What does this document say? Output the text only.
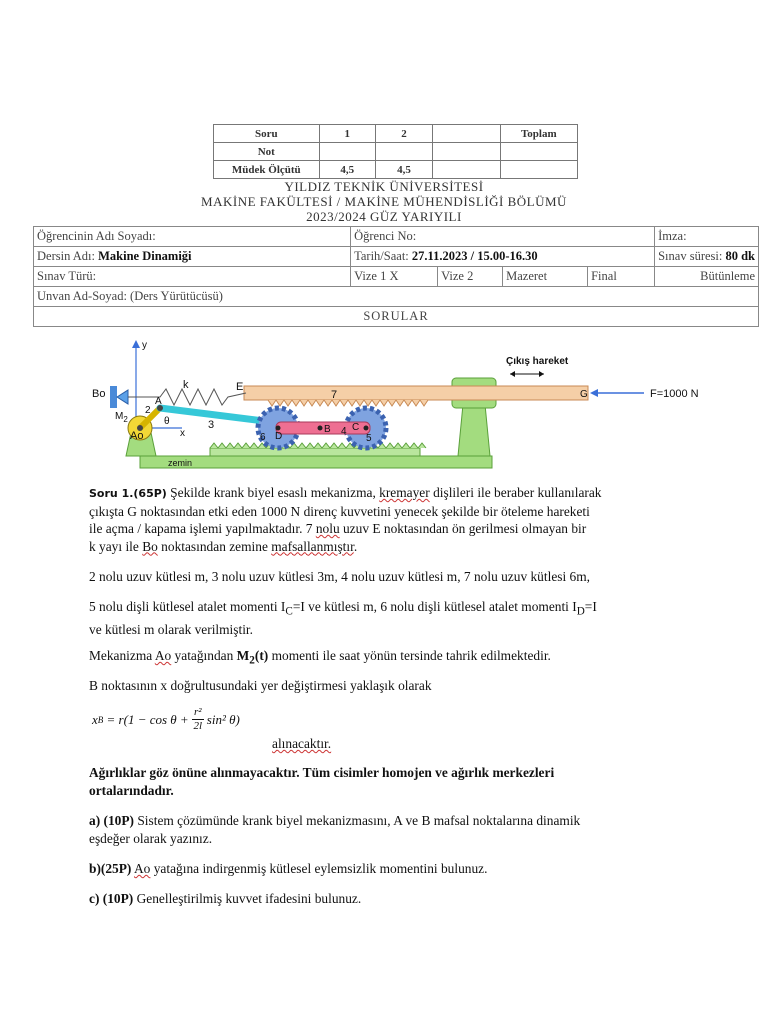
Soru	1	2		Toplam
Not				
Müdek Ölçütü	4,5	4,5		
YILDIZ TEKNİK ÜNİVERSİTESİ
MAKİNE FAKÜLTESİ / MAKİNE MÜHENDİSLİĞİ BÖLÜMÜ
2023/2024 GÜZ YARIYILI
Öğrencinin Adı Soyadı:	Öğrenci No:				İmza:
Dersin Adı: Makine Dinamiği	Tarih/Saat: 27.11.2023 / 15.00-16.30				Sınav süresi: 80 dk
Sınav Türü:	Vize 1 X	Vize 2	Mazeret	Final	Bütünleme
Unvan Ad-Soyad: (Ders Yürütücüsü)					
SORULAR					
7
E
G
y
x
Bo
k
Ao
$M_2$
2
θ
A
3
D
6
B 4 C
5
zemin
Çıkış hareket
F=1000 N
Soru 1.(65P) Şekilde krank biyel esaslı mekanizma, kremayer dişlileri ile beraber kullanılarak
çıkışta G noktasından etki eden 1000 N direnç kuvvetini yenecek şekilde bir öteleme hareketi
ile açma / kapama işlemi yapılmaktadır. 7 nolu uzuv E noktasından ön gerilmesi olmayan bir
k yayı ile Bo noktasından zemine mafsallanmıştır.
2 nolu uzuv kütlesi m, 3 nolu uzuv kütlesi 3m, 4 nolu uzuv kütlesi m, 7 nolu uzuv kütlesi 6m,
5 nolu dişli kütlesel atalet momenti $I_C=I$ ve kütlesi m, 6 nolu dişli kütlesel atalet momenti $I_D=I$
ve kütlesi m olarak verilmiştir.
Mekanizma Ao yatağından $M_2(t)$ momenti ile saat yönün tersinde tahrik edilmektedir.
B noktasının x doğrultusundaki yer değiştirmesi yaklaşık olarak
x $B = r(1 - \cos \theta + \frac{\text{r²}}{2l} \sin^2$ θ)
alınacaktır.
Ağırlıklar göz önüne alınmayacaktır. Tüm cisimler homojen ve ağırlık merkezleri
ortalarındadır.
a) (10P) Sistem çözümünde krank biyel mekanizmasını, A ve B mafsal noktalarına dinamik
eşdeğer olarak yazınız.
b)(25P) Ao yatağına indirgenmiş kütlesel eylemsizlik momentini bulunuz.
c) (10P) Genelleştirilmiş kuvvet ifadesini bulunuz.
